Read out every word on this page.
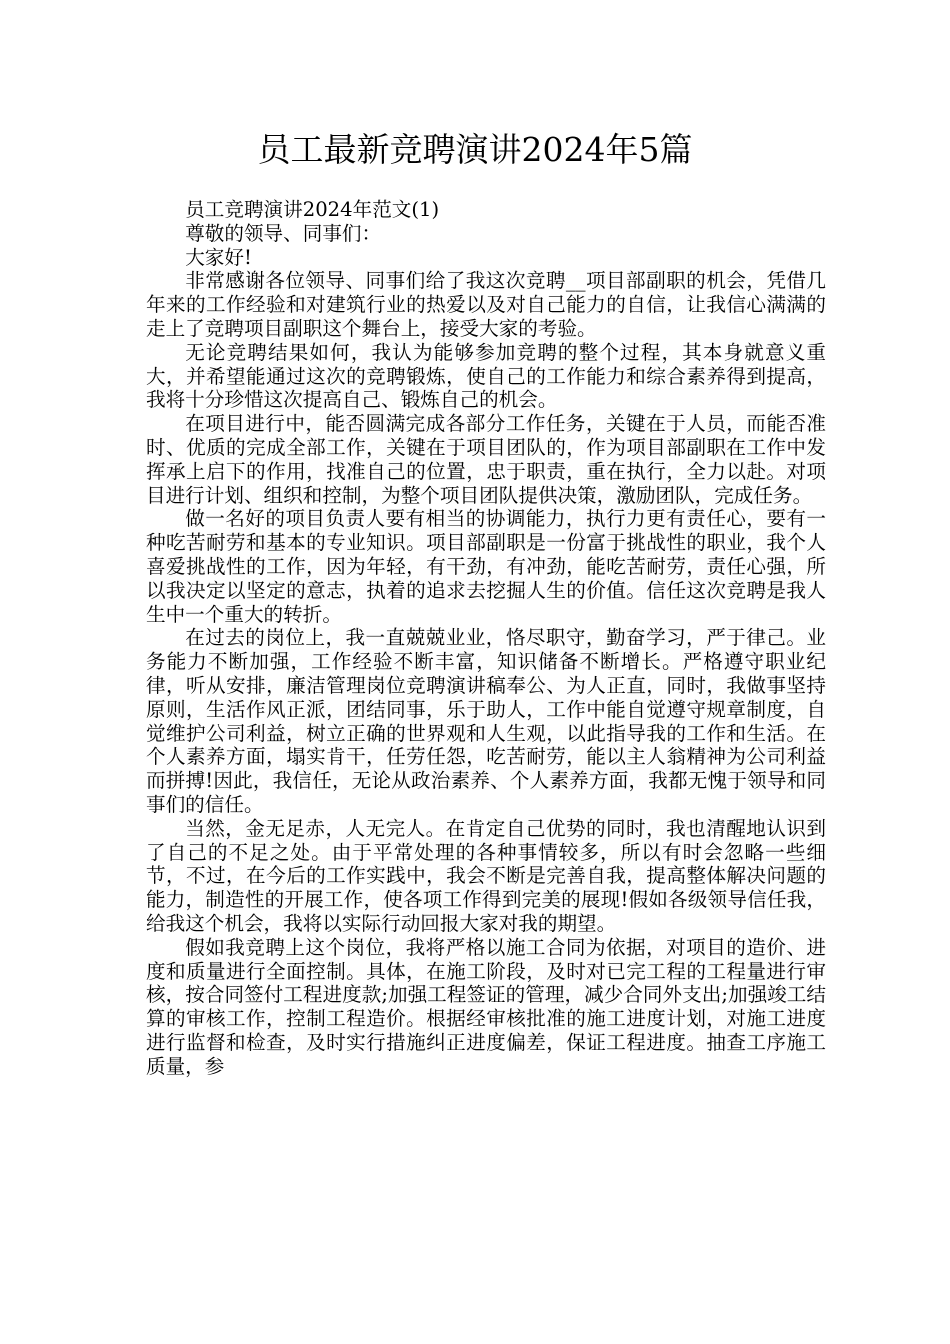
员工最新竞聘演讲2024年5篇

员工竞聘演讲2024年范文(1)

尊敬的领导、同事们：

大家好!

非常感谢各位领导、同事们给了我这次竞聘__项目部副职的机会，凭借几年来的工作经验和对建筑行业的热爱以及对自己能力的自信，让我信心满满的走上了竞聘项目副职这个舞台上，接受大家的考验。

无论竞聘结果如何，我认为能够参加竞聘的整个过程，其本身就意义重大，并希望能通过这次的竞聘锻炼，使自己的工作能力和综合素养得到提高，我将十分珍惜这次提高自己、锻炼自己的机会。

在项目进行中，能否圆满完成各部分工作任务，关键在于人员，而能否准时、优质的完成全部工作，关键在于项目团队的，作为项目部副职在工作中发挥承上启下的作用，找准自己的位置，忠于职责，重在执行，全力以赴。对项目进行计划、组织和控制，为整个项目团队提供决策，激励团队，完成任务。

做一名好的项目负责人要有相当的协调能力，执行力更有责任心，要有一种吃苦耐劳和基本的专业知识。项目部副职是一份富于挑战性的职业，我个人喜爱挑战性的工作，因为年轻，有干劲，有冲劲，能吃苦耐劳，责任心强，所以我决定以坚定的意志，执着的追求去挖掘人生的价值。信任这次竞聘是我人生中一个重大的转折。

在过去的岗位上，我一直兢兢业业，恪尽职守，勤奋学习，严于律己。业务能力不断加强，工作经验不断丰富，知识储备不断增长。严格遵守职业纪律，听从安排，廉洁管理岗位竞聘演讲稿奉公、为人正直，同时，我做事坚持原则，生活作风正派，团结同事，乐于助人，工作中能自觉遵守规章制度，自觉维护公司利益，树立正确的世界观和人生观，以此指导我的工作和生活。在个人素养方面，塌实肯干，任劳任怨，吃苦耐劳，能以主人翁精神为公司利益而拼搏!因此，我信任，无论从政治素养、个人素养方面，我都无愧于领导和同事们的信任。

当然，金无足赤，人无完人。在肯定自己优势的同时，我也清醒地认识到了自己的不足之处。由于平常处理的各种事情较多，所以有时会忽略一些细节，不过，在今后的工作实践中，我会不断是完善自我，提高整体解决问题的能力，制造性的开展工作，使各项工作得到完美的展现!假如各级领导信任我，给我这个机会，我将以实际行动回报大家对我的期望。

假如我竞聘上这个岗位，我将严格以施工合同为依据，对项目的造价、进度和质量进行全面控制。具体，在施工阶段，及时对已完工程的工程量进行审核，按合同签付工程进度款;加强工程签证的管理，减少合同外支出;加强竣工结算的审核工作，控制工程造价。根据经审核批准的施工进度计划，对施工进度进行监督和检查，及时实行措施纠正进度偏差，保证工程进度。抽查工序施工质量，参
